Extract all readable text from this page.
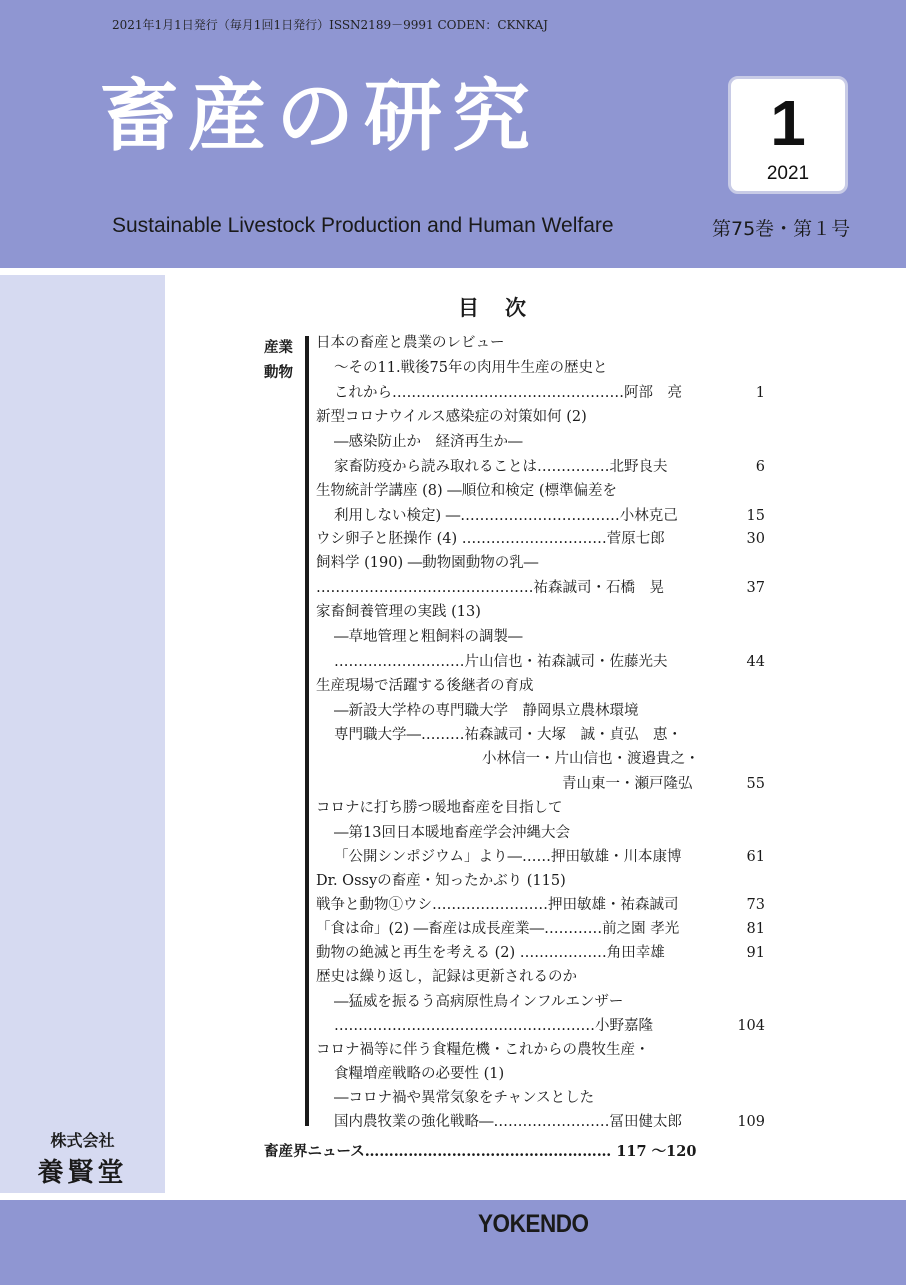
2021年1月1日発行（毎月1回1日発行）ISSN2189－9991 CODEN：CKNKAJ
畜産の研究	1
2021
Sustainable Livestock Production and Human Welfare	第75巻・第１号
株式会社
養賢堂
目次
産業
動物
日本の畜産と農業のレビュー
～その11.戦後75年の肉用牛生産の歴史と
これから…………………………………………阿部　亮	1
新型コロナウイルス感染症の対策如何 (2)
―感染防止か　経済再生か―
家畜防疫から読み取れることは……………北野良夫	6
生物統計学講座 (8) ―順位和検定 (標準偏差を
利用しない検定) ―……………………………小林克己	15
ウシ卵子と胚操作 (4) …………………………菅原七郎	30
飼料学 (190) ―動物園動物の乳―
………………………………………祐森誠司・石橋　晃	37
家畜飼養管理の実践 (13)
―草地管理と粗飼料の調製―
………………………片山信也・祐森誠司・佐藤光夫	44
生産現場で活躍する後継者の育成
―新設大学枠の専門職大学　静岡県立農林環境
専門職大学―………祐森誠司・大塚　誠・貞弘　恵・
小林信一・片山信也・渡邉貴之・
青山東一・瀬戸隆弘	55
コロナに打ち勝つ暖地畜産を目指して
―第13回日本暖地畜産学会沖縄大会
「公開シンポジウム」より―……押田敏雄・川本康博	61
Dr. Ossyの畜産・知ったかぶり (115)
戦争と動物①ウシ……………………押田敏雄・祐森誠司	73
「食は命」(2) ―畜産は成長産業―…………前之園 孝光	81
動物の絶滅と再生を考える (2) ………………角田幸雄	91
歴史は繰り返し，記録は更新されるのか
―猛威を振るう高病原性鳥インフルエンザー
………………………………………………小野嘉隆	104
コロナ禍等に伴う食糧危機・これからの農牧生産・
食糧増産戦略の必要性 (1)
―コロナ禍や異常気象をチャンスとした
国内農牧業の強化戦略―……………………冨田健太郎	109
畜産界ニュース…………………………………………… 117 ～120
YOKENDO
